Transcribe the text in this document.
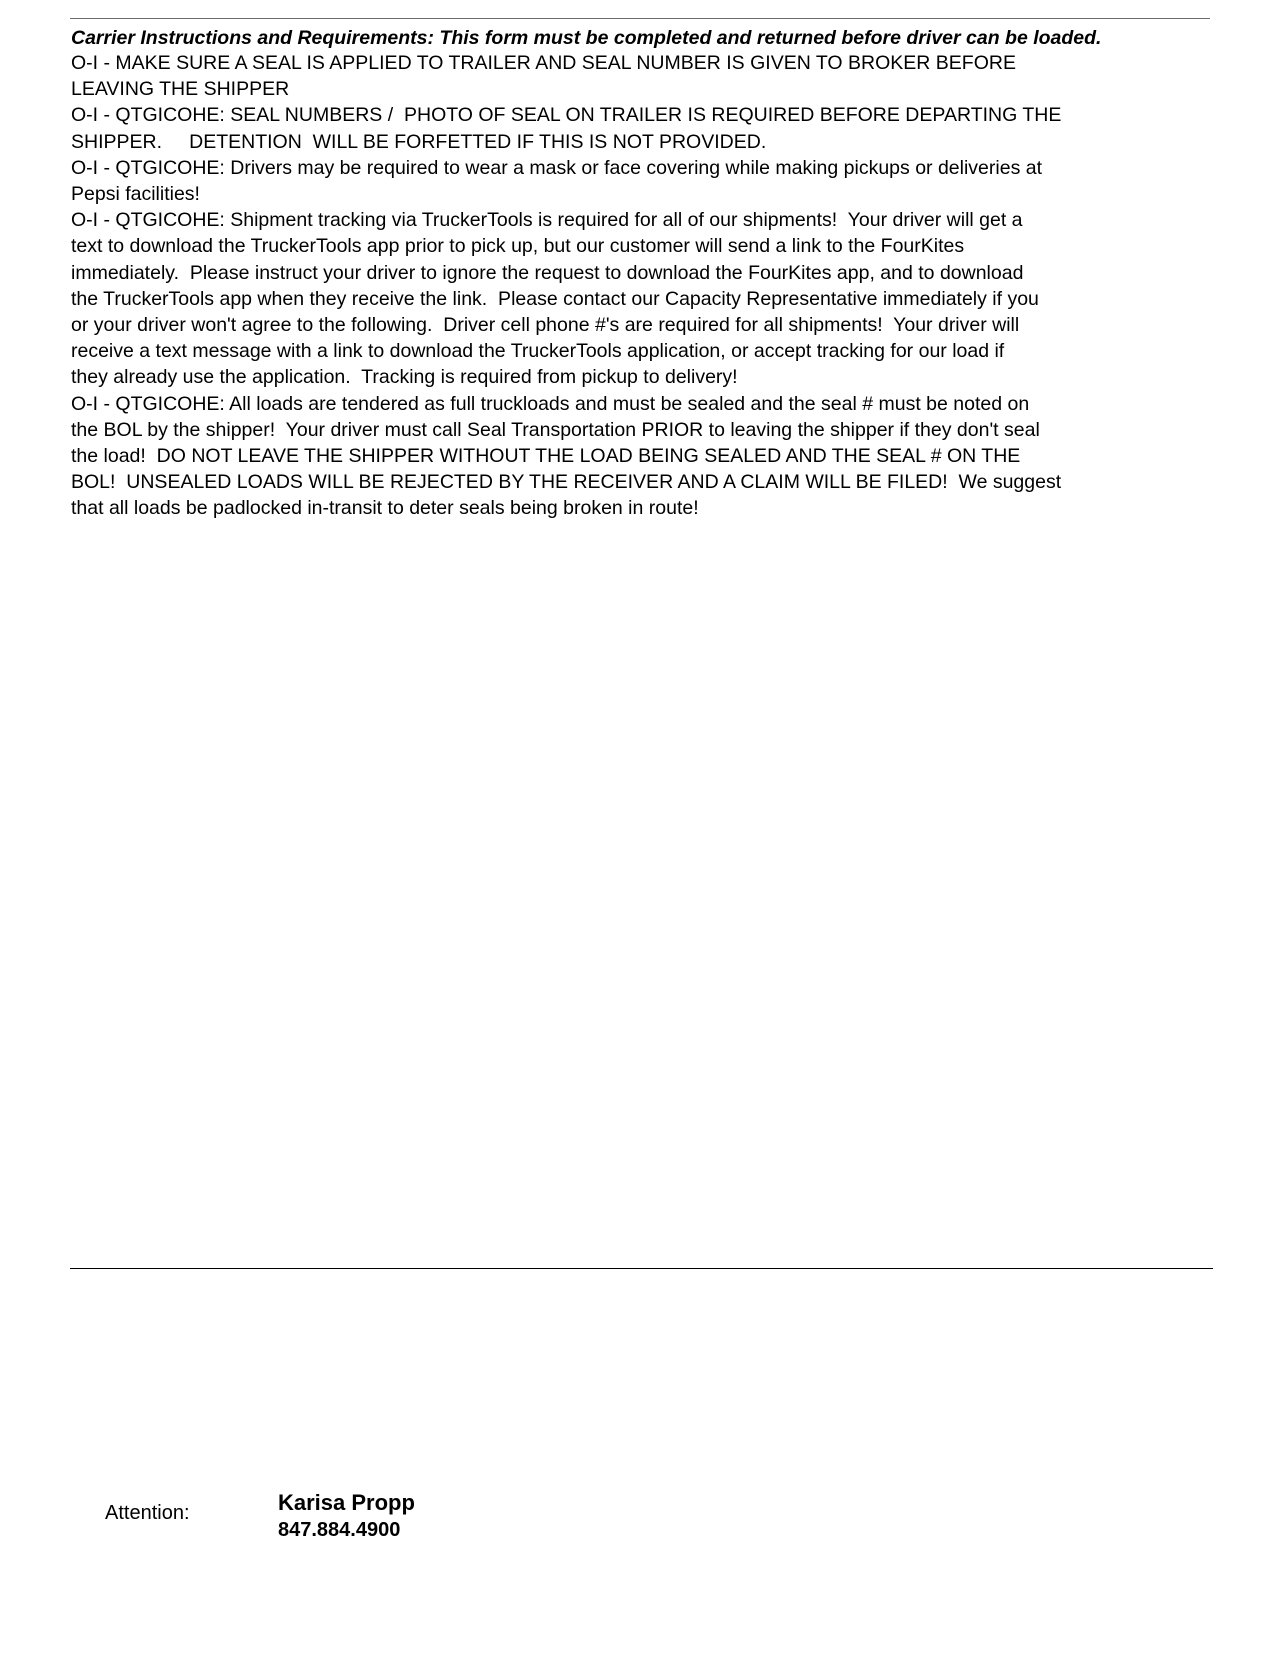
Carrier Instructions and Requirements: This form must be completed and returned before driver can be loaded.
O-I - MAKE SURE A SEAL IS APPLIED TO TRAILER AND SEAL NUMBER IS GIVEN TO BROKER BEFORE
LEAVING THE SHIPPER
O-I - QTGICOHE: SEAL NUMBERS /  PHOTO OF SEAL ON TRAILER IS REQUIRED BEFORE DEPARTING THE
SHIPPER.     DETENTION  WILL BE FORFETTED IF THIS IS NOT PROVIDED.
O-I - QTGICOHE: Drivers may be required to wear a mask or face covering while making pickups or deliveries at
Pepsi facilities!
O-I - QTGICOHE: Shipment tracking via TruckerTools is required for all of our shipments!  Your driver will get a
text to download the TruckerTools app prior to pick up, but our customer will send a link to the FourKites
immediately.  Please instruct your driver to ignore the request to download the FourKites app, and to download
the TruckerTools app when they receive the link.  Please contact our Capacity Representative immediately if you
or your driver won't agree to the following.  Driver cell phone #'s are required for all shipments!  Your driver will
receive a text message with a link to download the TruckerTools application, or accept tracking for our load if
they already use the application.  Tracking is required from pickup to delivery!
O-I - QTGICOHE: All loads are tendered as full truckloads and must be sealed and the seal # must be noted on
the BOL by the shipper!  Your driver must call Seal Transportation PRIOR to leaving the shipper if they don't seal
the load!  DO NOT LEAVE THE SHIPPER WITHOUT THE LOAD BEING SEALED AND THE SEAL # ON THE
BOL!  UNSEALED LOADS WILL BE REJECTED BY THE RECEIVER AND A CLAIM WILL BE FILED!  We suggest
that all loads be padlocked in-transit to deter seals being broken in route!
Attention:	Karisa Propp
847.884.4900
